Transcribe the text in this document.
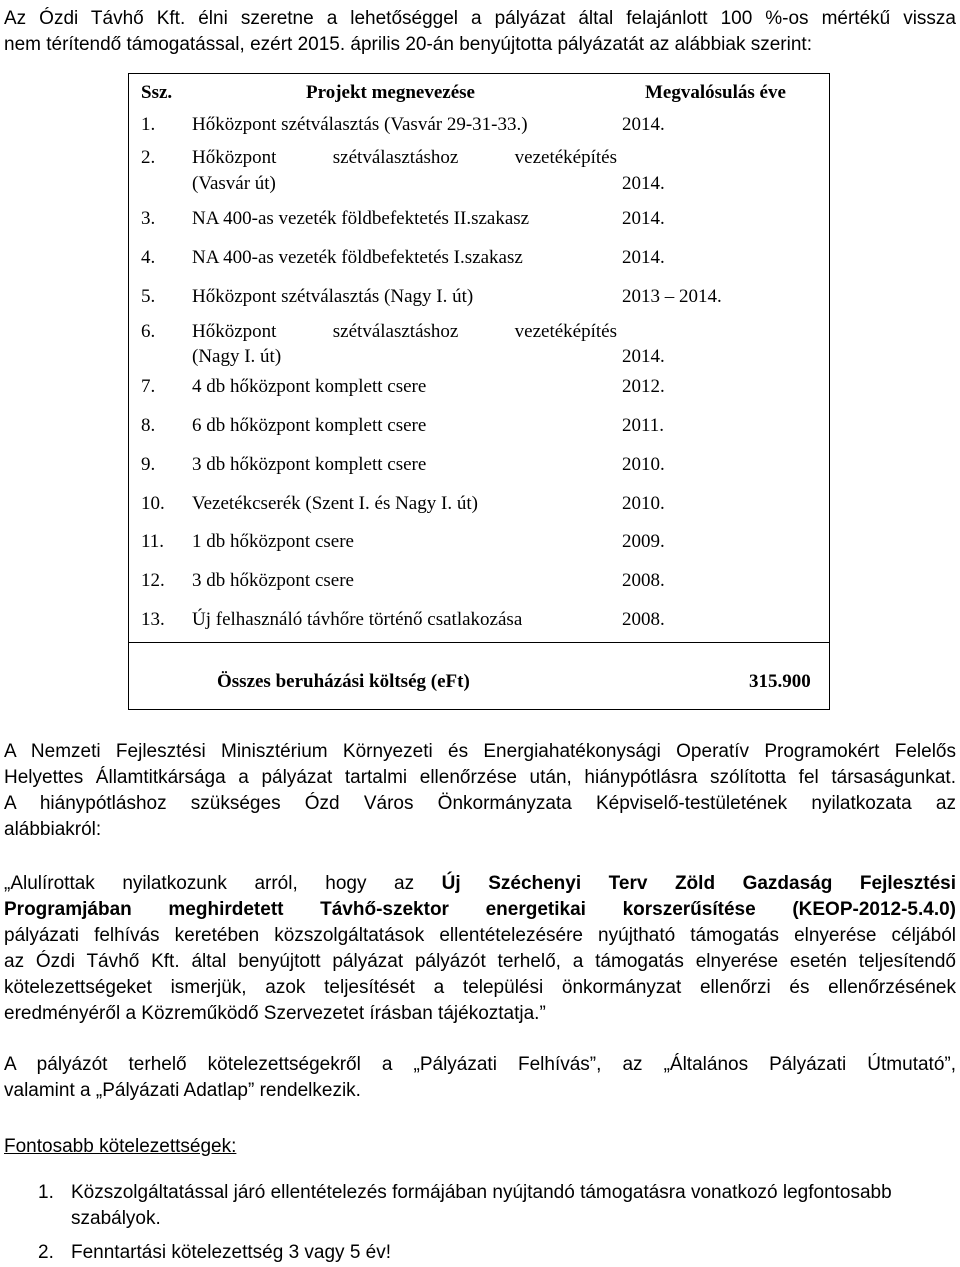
Az Ózdi Távhő Kft. élni szeretne a lehetőséggel a pályázat által felajánlott 100 %-os mértékű vissza
nem térítendő támogatással, ezért 2015. április 20-án benyújtotta pályázatát az alábbiak szerint:
Ssz.	Projekt megnevezése	Megvalósulás éve
1. Hőközpont szétválasztás (Vasvár 29-31-33.)	2014.
2. Hőközpont szétválasztáshoz vezetéképítés
(Vasvár út)	2014.
3. NA 400-as vezeték földbefektetés II.szakasz	2014.
4. NA 400-as vezeték földbefektetés I.szakasz	2014.
5. Hőközpont szétválasztás (Nagy I. út)	2013 – 2014.
6. Hőközpont szétválasztáshoz vezetéképítés
(Nagy I. út)	2014.
7. 4 db hőközpont komplett csere	2012.
8. 6 db hőközpont komplett csere	2011.
9. 3 db hőközpont komplett csere	2010.
10. Vezetékcserék (Szent I. és Nagy I. út)	2010.
11. 1 db hőközpont csere	2009.
12. 3 db hőközpont csere	2008.
13. Új felhasználó távhőre történő csatlakozása	2008.
Összes beruházási költség (eFt)	315.900
A Nemzeti Fejlesztési Minisztérium Környezeti és Energiahatékonysági Operatív Programokért Felelős
Helyettes Államtitkársága a pályázat tartalmi ellenőrzése után, hiánypótlásra szólította fel társaságunkat.
A hiánypótláshoz szükséges Ózd Város Önkormányzata Képviselő-testületének nyilatkozata az
alábbiakról:
„Alulírottak nyilatkozunk arról, hogy az Új Széchenyi Terv Zöld Gazdaság Fejlesztési
Programjában meghirdetett Távhő-szektor energetikai korszerűsítése (KEOP-2012-5.4.0)
pályázati felhívás keretében közszolgáltatások ellentételezésére nyújtható támogatás elnyerése céljából
az Ózdi Távhő Kft. által benyújtott pályázat pályázót terhelő, a támogatás elnyerése esetén teljesítendő
kötelezettségeket ismerjük, azok teljesítését a települési önkormányzat ellenőrzi és ellenőrzésének
eredményéről a Közreműködő Szervezetet írásban tájékoztatja.”
A pályázót terhelő kötelezettségekről a „Pályázati Felhívás”, az „Általános Pályázati Útmutató”,
valamint a „Pályázati Adatlap” rendelkezik.
Fontosabb kötelezettségek:
1. Közszolgáltatással járó ellentételezés formájában nyújtandó támogatásra vonatkozó legfontosabb
szabályok.
2. Fenntartási kötelezettség 3 vagy 5 év!
